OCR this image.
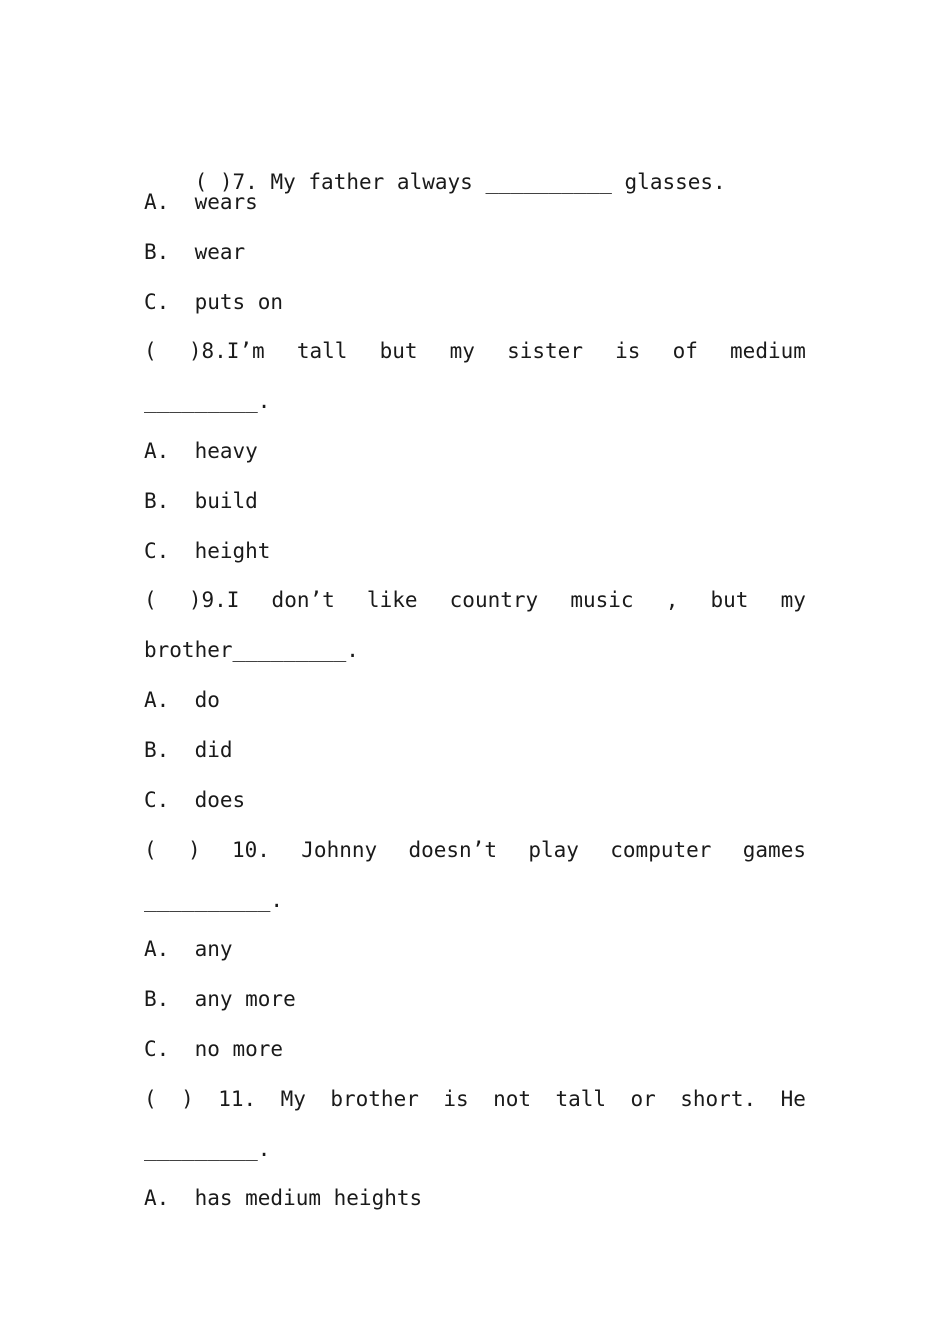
( )7. My father always __________ glasses.

A.  wears
B.  wear
C.  puts on
( )8.I’m tall but my sister is of medium
_________.
A.  heavy
B.  build
C.  height
( )9.I don’t like country music , but my
brother_________.
A.  do
B.  did
C.  does
( ) 10. Johnny doesn’t play computer games
__________.
A.  any
B.  any more
C.  no more
( ) 11. My brother is not tall or short. He
_________.
A.  has medium heights
